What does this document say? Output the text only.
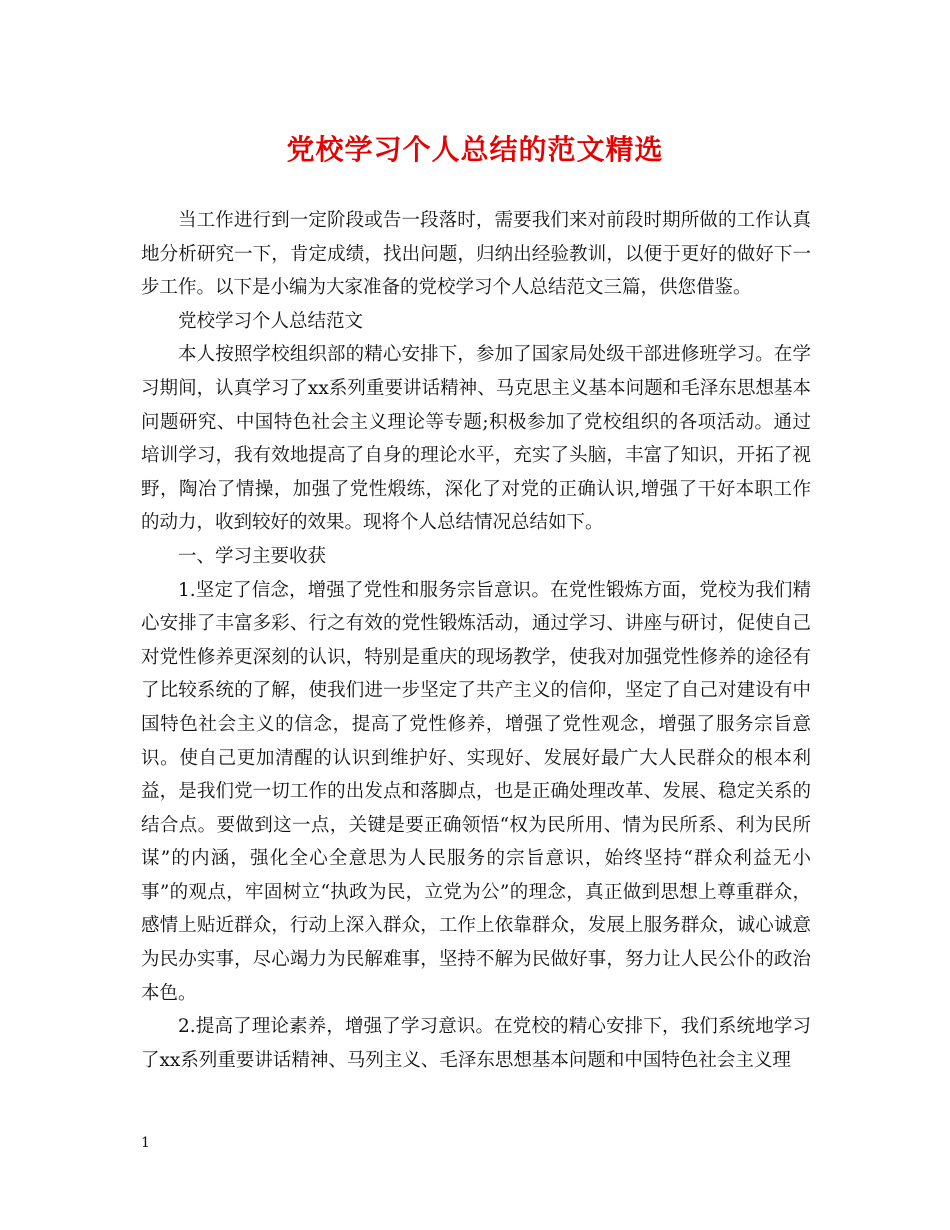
党校学习个人总结的范文精选

当工作进行到一定阶段或告一段落时，需要我们来对前段时期所做的工作认真地分析研究一下，肯定成绩，找出问题，归纳出经验教训，以便于更好的做好下一步工作。以下是小编为大家准备的党校学习个人总结范文三篇，供您借鉴。

党校学习个人总结范文

本人按照学校组织部的精心安排下，参加了国家局处级干部进修班学习。在学习期间，认真学习了xx系列重要讲话精神、马克思主义基本问题和毛泽东思想基本问题研究、中国特色社会主义理论等专题;积极参加了党校组织的各项活动。通过培训学习，我有效地提高了自身的理论水平，充实了头脑，丰富了知识，开拓了视野，陶冶了情操，加强了党性煅练，深化了对党的正确认识,增强了干好本职工作的动力，收到较好的效果。现将个人总结情况总结如下。

一、学习主要收获

1.坚定了信念，增强了党性和服务宗旨意识。在党性锻炼方面，党校为我们精心安排了丰富多彩、行之有效的党性锻炼活动，通过学习、讲座与研讨，促使自己对党性修养更深刻的认识，特别是重庆的现场教学，使我对加强党性修养的途径有了比较系统的了解，使我们进一步坚定了共产主义的信仰，坚定了自己对建设有中国特色社会主义的信念，提高了党性修养，增强了党性观念，增强了服务宗旨意识。使自己更加清醒的认识到维护好、实现好、发展好最广大人民群众的根本利益，是我们党一切工作的出发点和落脚点，也是正确处理改革、发展、稳定关系的结合点。要做到这一点，关键是要正确领悟“权为民所用、情为民所系、利为民所谋”的内涵，强化全心全意思为人民服务的宗旨意识，始终坚持“群众利益无小事”的观点，牢固树立“执政为民，立党为公”的理念，真正做到思想上尊重群众，感情上贴近群众，行动上深入群众，工作上依靠群众，发展上服务群众，诚心诚意为民办实事，尽心竭力为民解难事，坚持不解为民做好事，努力让人民公仆的政治本色。

2.提高了理论素养，增强了学习意识。在党校的精心安排下，我们系统地学习了xx系列重要讲话精神、马列主义、毛泽东思想基本问题和中国特色社会主义理

1
